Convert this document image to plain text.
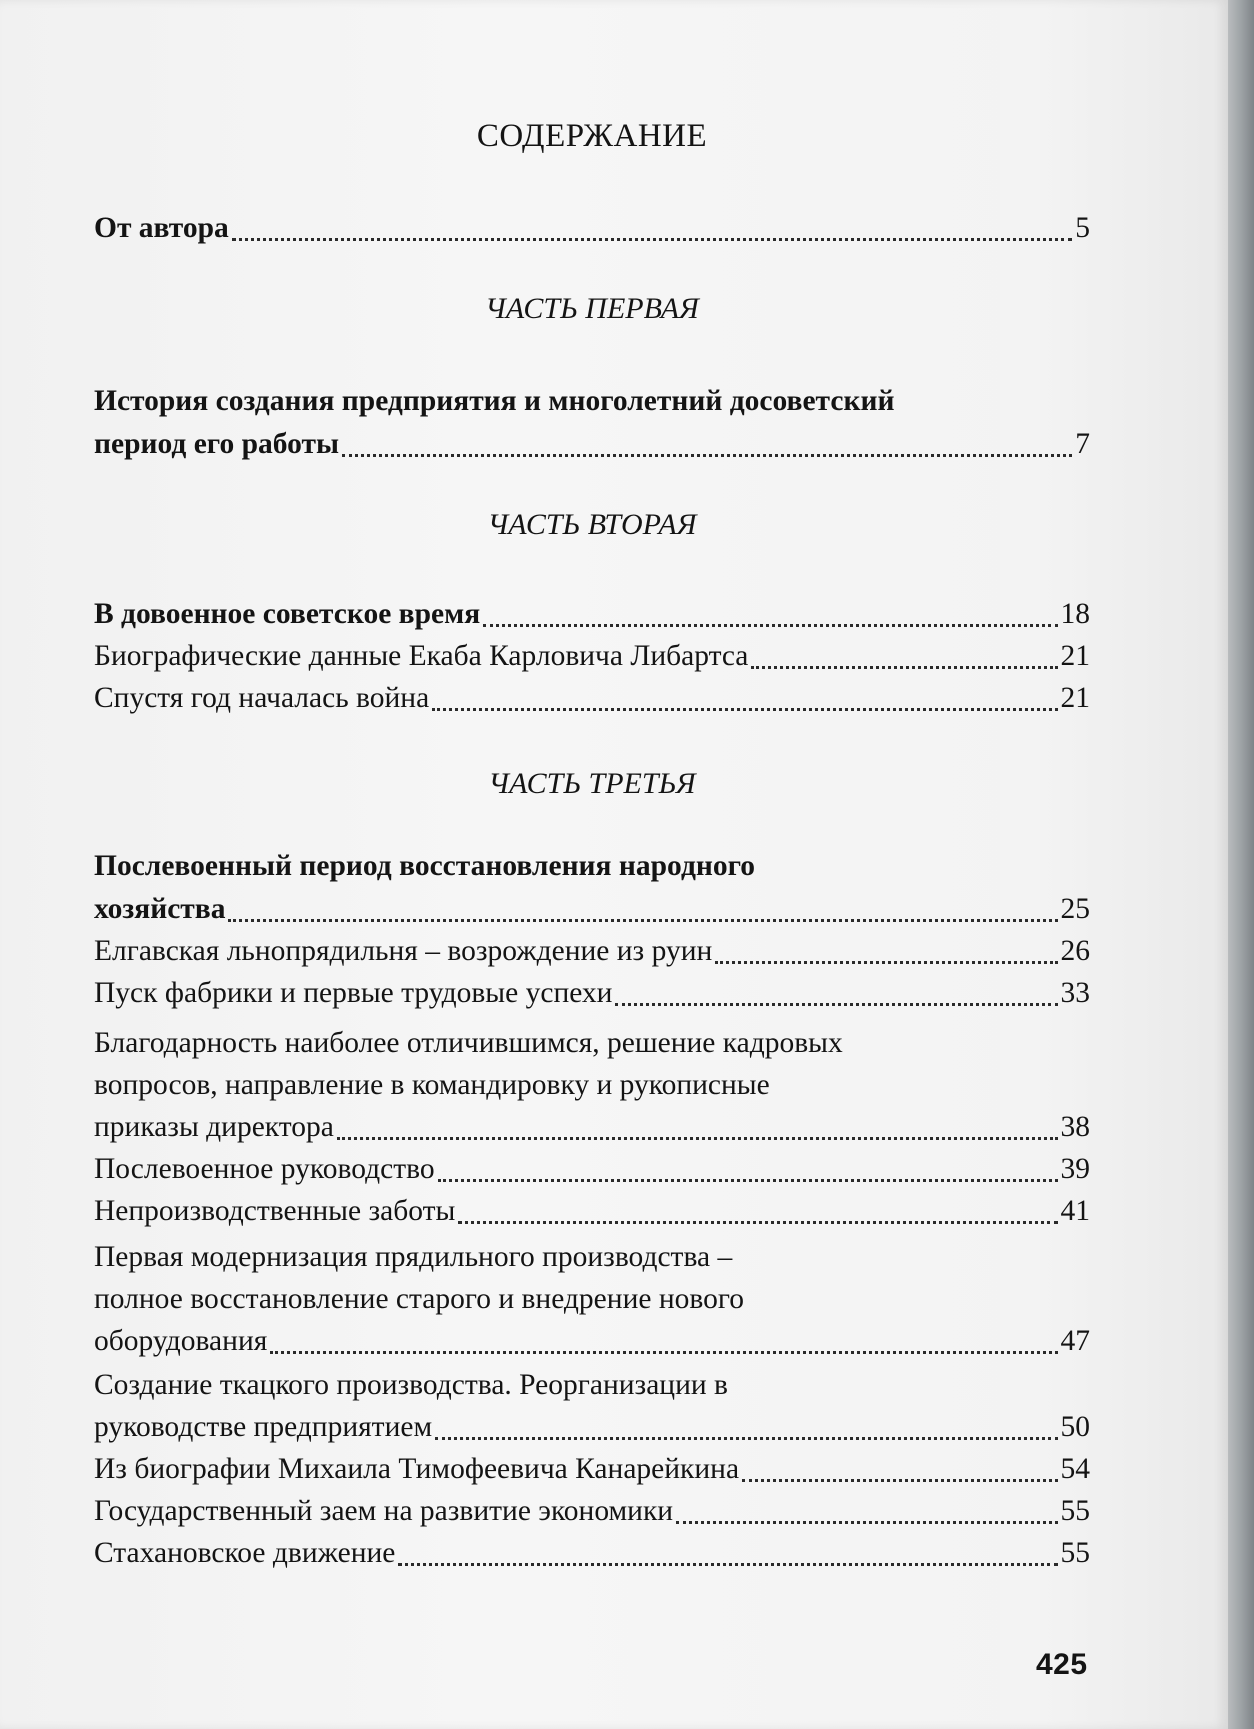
СОДЕРЖАНИЕ
От автора	5
ЧАСТЬ ПЕРВАЯ
История создания предприятия и многолетний досоветский
период его работы	7
ЧАСТЬ ВТОРАЯ
В довоенное советское время	18
Биографические данные Екаба Карловича Либартса	21
Спустя год началась война	21
ЧАСТЬ ТРЕТЬЯ
Послевоенный период восстановления народного
хозяйства	25
Елгавская льнопрядильня – возрождение из руин	26
Пуск фабрики и первые трудовые успехи	33
Благодарность наиболее отличившимся, решение кадровых
вопросов, направление в командировку и рукописные
приказы директора	38
Послевоенное руководство	39
Непроизводственные заботы	41
Первая модернизация прядильного производства –
полное восстановление старого и внедрение нового
оборудования	47
Создание ткацкого производства. Реорганизации в
руководстве предприятием	50
Из биографии Михаила Тимофеевича Канарейкина	54
Государственный заем на развитие экономики	55
Стахановское движение	55
425
